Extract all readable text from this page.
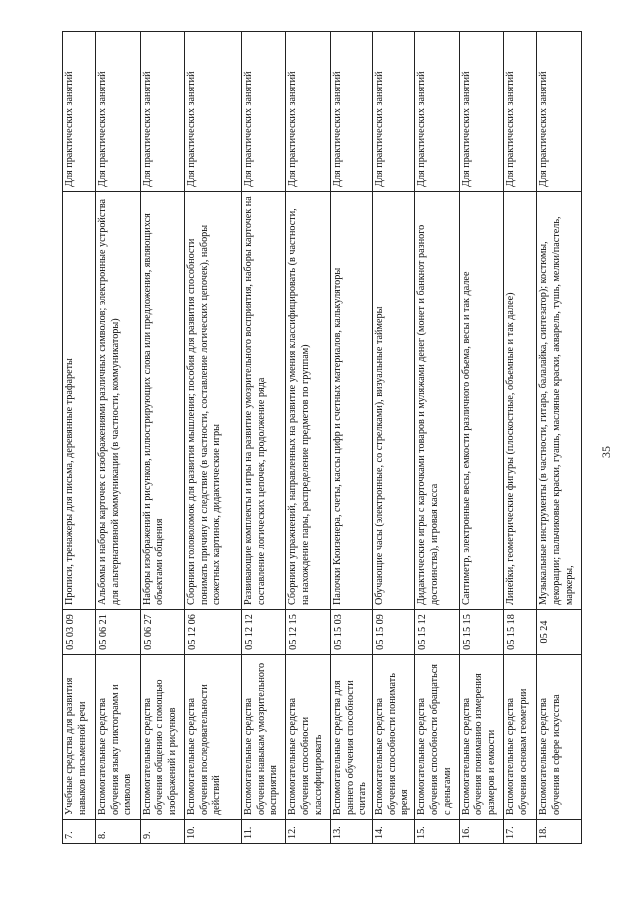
35
7.	Учебные средства для развития навыков письменной речи	05 03 09	Прописи, тренажеры для письма, деревянные трафареты	Для практических занятий
8.	Вспомогательные средства обучения языку пиктограмм и символов	05 06 21	Альбомы и наборы карточек с изображениями различных символов; электронные устройства для альтернативной коммуникации (в частности, коммуникаторы)	Для практических занятий
9.	Вспомогательные средства обучения общению с помощью изображений и рисунков	05 06 27	Наборы изображений и рисунков, иллюстрирующих слова или предложения, являющихся объектами общения	Для практических занятий
10.	Вспомогательные средства обучения последовательности действий	05 12 06	Сборники головоломок для развития мышления; пособия для развития способности понимать причину и следствие (в частности, составление логических цепочек), наборы сюжетных картинок, дидактические игры	Для практических занятий
11.	Вспомогательные средства обучения навыкам умозрительного восприятия	05 12 12	Развивающие комплекты и игры на развитие умозрительного восприятия, наборы карточек на составление логических цепочек, продолжение ряда	Для практических занятий
12.	Вспомогательные средства обучения способности классифицировать	05 12 15	Сборники упражнений, направленных на развитие умения классифицировать (в частности, на нахождение пары, распределение предметов по группам)	Для практических занятий
13.	Вспомогательные средства для раннего обучения способности считать	05 15 03	Палочки Кюизенера, счеты, кассы цифр и счетных материалов, калькуляторы	Для практических занятий
14.	Вспомогательные средства обучения способности понимать время	05 15 09	Обучающие часы (электронные, со стрелками), визуальные таймеры	Для практических занятий
15.	Вспомогательные средства обучения способности обращаться с деньгами	05 15 12	Дидактические игры с карточками товаров и муляжами денег (монет и банкнот разного достоинства), игровая касса	Для практических занятий
16.	Вспомогательные средства обучения пониманию измерения размеров и емкости	05 15 15	Сантиметр, электронные весы, емкости различного объема, весы и так далее	Для практических занятий
17.	Вспомогательные средства обучения основам геометрии	05 15 18	Линейки, геометрические фигуры (плоскостные, объемные и так далее)	Для практических занятий
18.	Вспомогательные средства обучения в сфере искусства	05 24	Музыкальные инструменты (в частности, гитара, балалайка, синтезатор); костюмы, декорации; пальчиковые краски, гуашь, масляные краски, акварель, тушь, мелки/пастель, маркеры,	Для практических занятий
